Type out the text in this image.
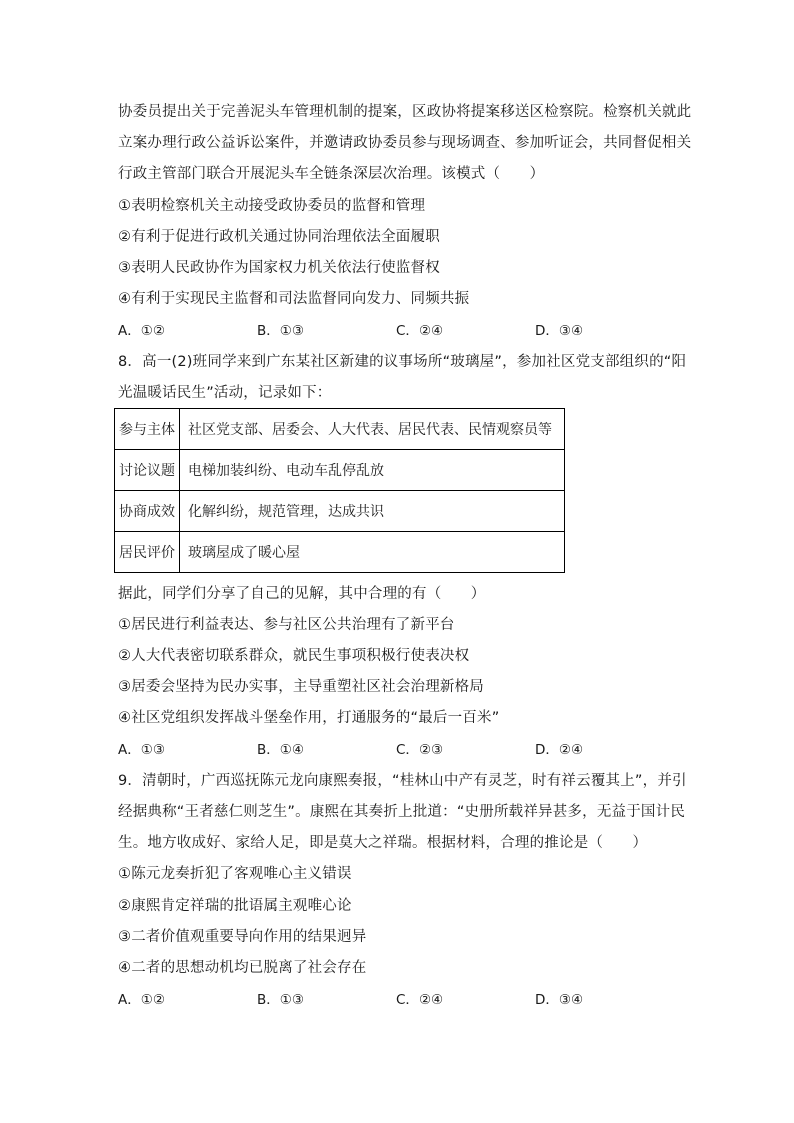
协委员提出关于完善泥头车管理机制的提案，区政协将提案移送区检察院。检察机关就此
立案办理行政公益诉讼案件，并邀请政协委员参与现场调查、参加听证会，共同督促相关
行政主管部门联合开展泥头车全链条深层次治理。该模式（　　）
①表明检察机关主动接受政协委员的监督和管理
②有利于促进行政机关通过协同治理依法全面履职
③表明人民政协作为国家权力机关依法行使监督权
④有利于实现民主监督和司法监督同向发力、同频共振
A．①②	B．①③	C．②④	D．③④
8．高一(2)班同学来到广东某社区新建的议事场所“玻璃屋”，参加社区党支部组织的“阳
光温暖话民生”活动，记录如下：
参与主体	社区党支部、居委会、人大代表、居民代表、民情观察员等
讨论议题	电梯加装纠纷、电动车乱停乱放
协商成效	化解纠纷，规范管理，达成共识
居民评价	玻璃屋成了暖心屋
据此，同学们分享了自己的见解，其中合理的有（　　）
①居民进行利益表达、参与社区公共治理有了新平台
②人大代表密切联系群众，就民生事项积极行使表决权
③居委会坚持为民办实事，主导重塑社区社会治理新格局
④社区党组织发挥战斗堡垒作用，打通服务的“最后一百米”
A．①③	B．①④	C．②③	D．②④
9．清朝时，广西巡抚陈元龙向康熙奏报，“桂林山中产有灵芝，时有祥云覆其上”，并引
经据典称“王者慈仁则芝生”。康熙在其奏折上批道：“史册所载祥异甚多，无益于国计民
生。地方收成好、家给人足，即是莫大之祥瑞。根据材料，合理的推论是（　　）
①陈元龙奏折犯了客观唯心主义错误
②康熙肯定祥瑞的批语属主观唯心论
③二者价值观重要导向作用的结果迥异
④二者的思想动机均已脱离了社会存在
A．①②	B．①③	C．②④	D．③④
